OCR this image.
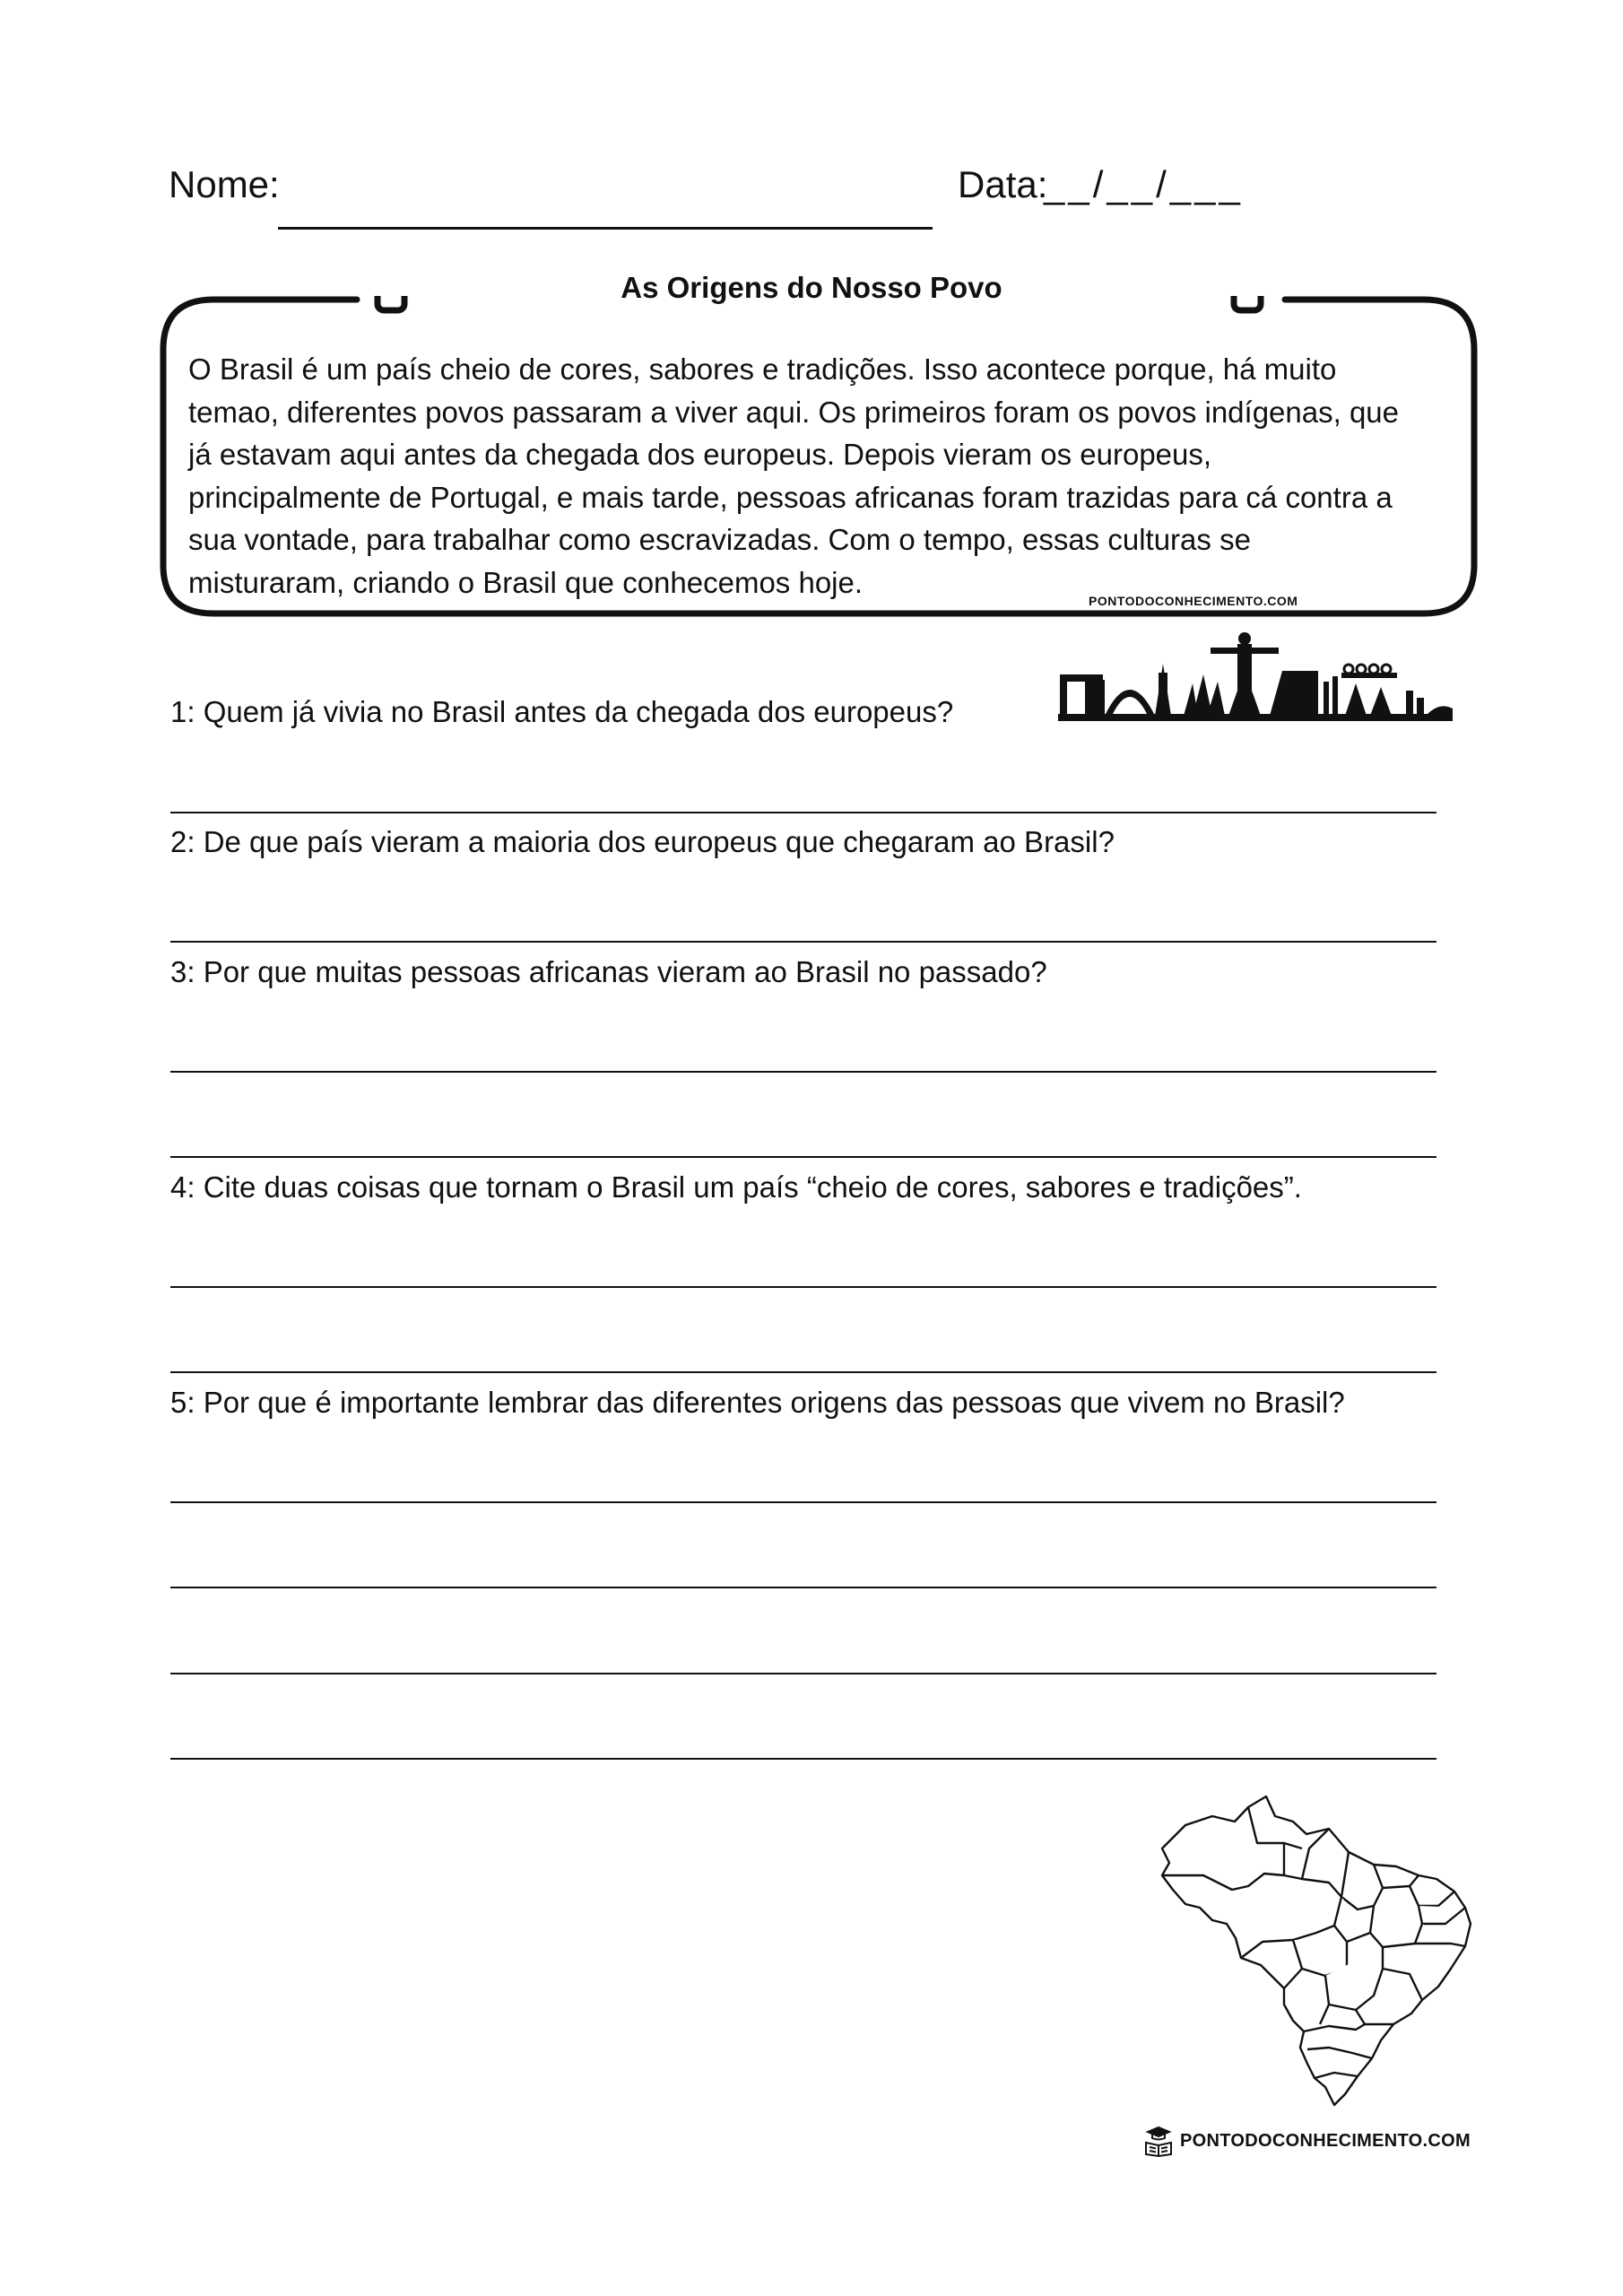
Nome:	Data:
__/__/___
As Origens do Nosso Povo
O Brasil é um país cheio de cores, sabores e tradições. Isso acontece porque, há muito
temao, diferentes povos passaram a viver aqui. Os primeiros foram os povos indígenas, que
já estavam aqui antes da chegada dos europeus. Depois vieram os europeus,
principalmente de Portugal, e mais tarde, pessoas africanas foram trazidas para cá contra a
sua vontade, para trabalhar como escravizadas. Com o tempo, essas culturas se
misturaram, criando o Brasil que conhecemos hoje.
PONTODOCONHECIMENTO.COM
1: Quem já vivia no Brasil antes da chegada dos europeus?
2: De que país vieram a maioria dos europeus que chegaram ao Brasil?
3: Por que muitas pessoas africanas vieram ao Brasil no passado?
4: Cite duas coisas que tornam o Brasil um país “cheio de cores, sabores e tradições”.
5: Por que é importante lembrar das diferentes origens das pessoas que vivem no Brasil?
PONTODOCONHECIMENTO.COM
